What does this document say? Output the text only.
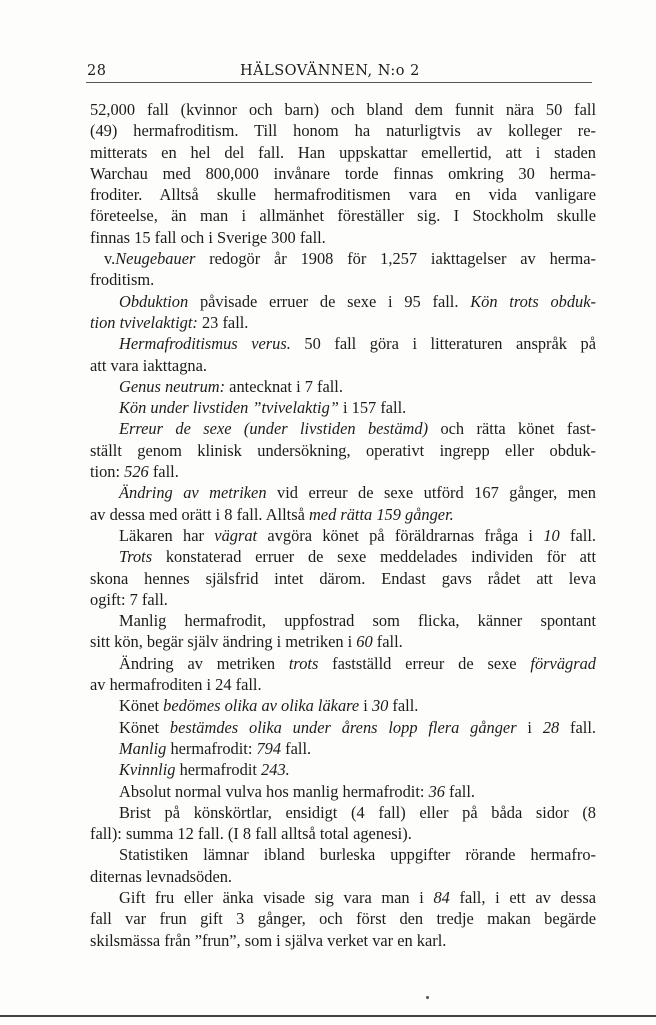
28	HÄLSOVÄNNEN, N:o 2
52,000 fall (kvinnor och barn) och bland dem funnit nära 50 fall
(49) hermafroditism. Till honom ha naturligtvis av kolleger re-
mitterats en hel del fall. Han uppskattar emellertid, att i staden
Warchau med 800,000 invånare torde finnas omkring 30 herma-
froditer. Alltså skulle hermafroditismen vara en vida vanligare
företeelse, än man i allmänhet föreställer sig. I Stockholm skulle
finnas 15 fall och i Sverige 300 fall.
v.Neugebauer redogör år 1908 för 1,257 iakttagelser av herma-
froditism.
Obduktion påvisade erruer de sexe i 95 fall. Kön trots obduk-
tion tvivelaktigt: 23 fall.
Hermafroditismus verus. 50 fall göra i litteraturen anspråk på
att vara iakttagna.
Genus neutrum: antecknat i 7 fall.
Kön under livstiden ”tvivelaktig” i 157 fall.
Erreur de sexe (under livstiden bestämd) och rätta könet fast-
ställt genom klinisk undersökning, operativt ingrepp eller obduk-
tion: 526 fall.
Ändring av metriken vid erreur de sexe utförd 167 gånger, men
av dessa med orätt i 8 fall. Alltså med rätta 159 gånger.
Läkaren har vägrat avgöra könet på föräldrarnas fråga i 10 fall.
Trots konstaterad erruer de sexe meddelades individen för att
skona hennes själsfrid intet därom. Endast gavs rådet att leva
ogift: 7 fall.
Manlig hermafrodit, uppfostrad som flicka, känner spontant
sitt kön, begär själv ändring i metriken i 60 fall.
Ändring av metriken trots fastställd erreur de sexe förvägrad
av hermafroditen i 24 fall.
Könet bedömes olika av olika läkare i 30 fall.
Könet bestämdes olika under årens lopp flera gånger i 28 fall.
Manlig hermafrodit: 794 fall.
Kvinnlig hermafrodit 243.
Absolut normal vulva hos manlig hermafrodit: 36 fall.
Brist på könskörtlar, ensidigt (4 fall) eller på båda sidor (8
fall): summa 12 fall. (I 8 fall alltså total agenesi).
Statistiken lämnar ibland burleska uppgifter rörande hermafro-
diternas levnadsöden.
Gift fru eller änka visade sig vara man i 84 fall, i ett av dessa
fall var frun gift 3 gånger, och först den tredje makan begärde
skilsmässa från ”frun”, som i själva verket var en karl.
